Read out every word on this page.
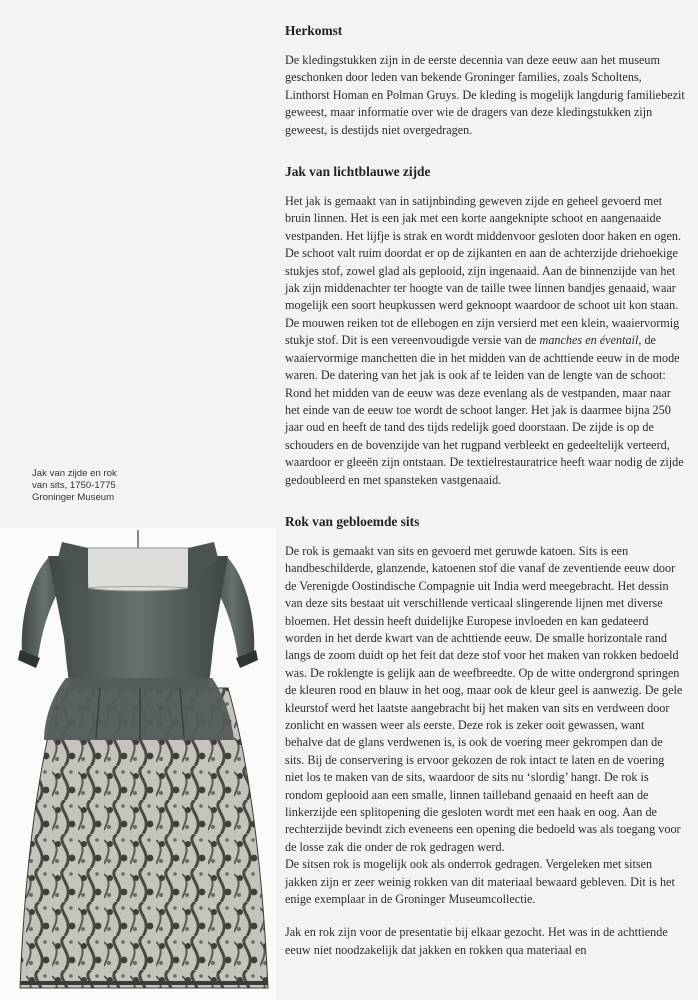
Jak van zijde en rok
van sits, 1750-1775
Groninger Museum
Herkomst

De kledingstukken zijn in de eerste decennia van deze eeuw aan het museum geschonken door leden van bekende Groninger families, zoals Scholtens, Linthorst Homan en Polman Gruys. De kleding is mogelijk langdurig familiebezit geweest, maar informatie over wie de dragers van deze kledingstukken zijn geweest, is destijds niet overgedragen.

Jak van lichtblauwe zijde

Het jak is gemaakt van in satijnbinding geweven zijde en geheel gevoerd met bruin linnen. Het is een jak met een korte aangeknipte schoot en aangenaaide vestpanden. Het lijfje is strak en wordt middenvoor gesloten door haken en ogen. De schoot valt ruim doordat er op de zijkanten en aan de achterzijde driehoekige stukjes stof, zowel glad als geplooid, zijn ingenaaid. Aan de binnenzijde van het jak zijn middenachter ter hoogte van de taille twee linnen bandjes genaaid, waar mogelijk een soort heupkussen werd geknoopt waardoor de schoot uit kon staan. De mouwen reiken tot de ellebogen en zijn versierd met een klein, waaiervormig stukje stof. Dit is een vereenvoudigde versie van de manches en éventail, de waaiervormige manchetten die in het midden van de achttiende eeuw in de mode waren. De datering van het jak is ook af te leiden van de lengte van de schoot: Rond het midden van de eeuw was deze evenlang als de vestpanden, maar naar het einde van de eeuw toe wordt de schoot langer. Het jak is daarmee bijna 250 jaar oud en heeft de tand des tijds redelijk goed doorstaan. De zijde is op de schouders en de bovenzijde van het rugpand verbleekt en gedeeltelijk verteerd, waardoor er gleeën zijn ontstaan. De textielrestauratrice heeft waar nodig de zijde gedoubleerd en met spansteken vastgenaaid.

Rok van gebloemde sits

De rok is gemaakt van sits en gevoerd met geruwde katoen. Sits is een handbeschilderde, glanzende, katoenen stof die vanaf de zeventiende eeuw door de Verenigde Oostindische Compagnie uit India werd meegebracht. Het dessin van deze sits bestaat uit verschillende verticaal slingerende lijnen met diverse bloemen. Het dessin heeft duidelijke Europese invloeden en kan gedateerd worden in het derde kwart van de achttiende eeuw. De smalle horizontale rand langs de zoom duidt op het feit dat deze stof voor het maken van rokken bedoeld was. De roklengte is gelijk aan de weefbreedte. Op de witte ondergrond springen de kleuren rood en blauw in het oog, maar ook de kleur geel is aanwezig. De gele kleurstof werd het laatste aangebracht bij het maken van sits en verdween door zonlicht en wassen weer als eerste. Deze rok is zeker ooit gewassen, want behalve dat de glans verdwenen is, is ook de voering meer gekrompen dan de sits. Bij de conservering is ervoor gekozen de rok intact te laten en de voering niet los te maken van de sits, waardoor de sits nu ‘slordig’ hangt. De rok is rondom geplooid aan een smalle, linnen tailleband genaaid en heeft aan de linkerzijde een splitopening die gesloten wordt met een haak en oog. Aan de rechterzijde bevindt zich eveneens een opening die bedoeld was als toegang voor de losse zak die onder de rok gedragen werd.

De sitsen rok is mogelijk ook als onderrok gedragen. Vergeleken met sitsen jakken zijn er zeer weinig rokken van dit materiaal bewaard gebleven. Dit is het enige exemplaar in de Groninger Museumcollectie.

Jak en rok zijn voor de presentatie bij elkaar gezocht. Het was in de achttiende eeuw niet noodzakelijk dat jakken en rokken qua materiaal en
